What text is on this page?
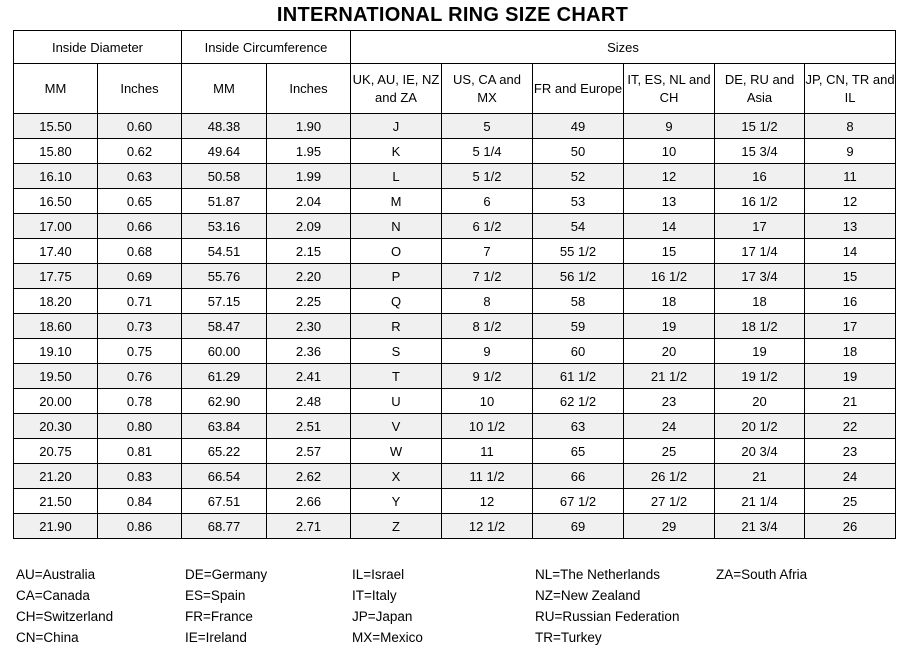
INTERNATIONAL RING SIZE CHART
Inside Diameter		Inside Circumference		Sizes					
MM	Inches	MM	Inches	UK, AU, IE, NZ and ZA	US, CA and MX	FR and Europe	IT, ES, NL and CH	DE, RU and Asia	JP, CN, TR and IL
15.50	0.60	48.38	1.90	J	5	49	9	15 1/2	8
15.80	0.62	49.64	1.95	K	5 1/4	50	10	15 3/4	9
16.10	0.63	50.58	1.99	L	5 1/2	52	12	16	11
16.50	0.65	51.87	2.04	M	6	53	13	16 1/2	12
17.00	0.66	53.16	2.09	N	6 1/2	54	14	17	13
17.40	0.68	54.51	2.15	O	7	55 1/2	15	17 1/4	14
17.75	0.69	55.76	2.20	P	7 1/2	56 1/2	16 1/2	17 3/4	15
18.20	0.71	57.15	2.25	Q	8	58	18	18	16
18.60	0.73	58.47	2.30	R	8 1/2	59	19	18 1/2	17
19.10	0.75	60.00	2.36	S	9	60	20	19	18
19.50	0.76	61.29	2.41	T	9 1/2	61 1/2	21 1/2	19 1/2	19
20.00	0.78	62.90	2.48	U	10	62 1/2	23	20	21
20.30	0.80	63.84	2.51	V	10 1/2	63	24	20 1/2	22
20.75	0.81	65.22	2.57	W	11	65	25	20 3/4	23
21.20	0.83	66.54	2.62	X	11 1/2	66	26 1/2	21	24
21.50	0.84	67.51	2.66	Y	12	67 1/2	27 1/2	21 1/4	25
21.90	0.86	68.77	2.71	Z	12 1/2	69	29	21 3/4	26
AU=Australia
CA=Canada
CH=Switzerland
CN=China
DE=Germany
ES=Spain
FR=France
IE=Ireland
IL=Israel
IT=Italy
JP=Japan
MX=Mexico
NL=The Netherlands
NZ=New Zealand
RU=Russian Federation
TR=Turkey
ZA=South Afria
